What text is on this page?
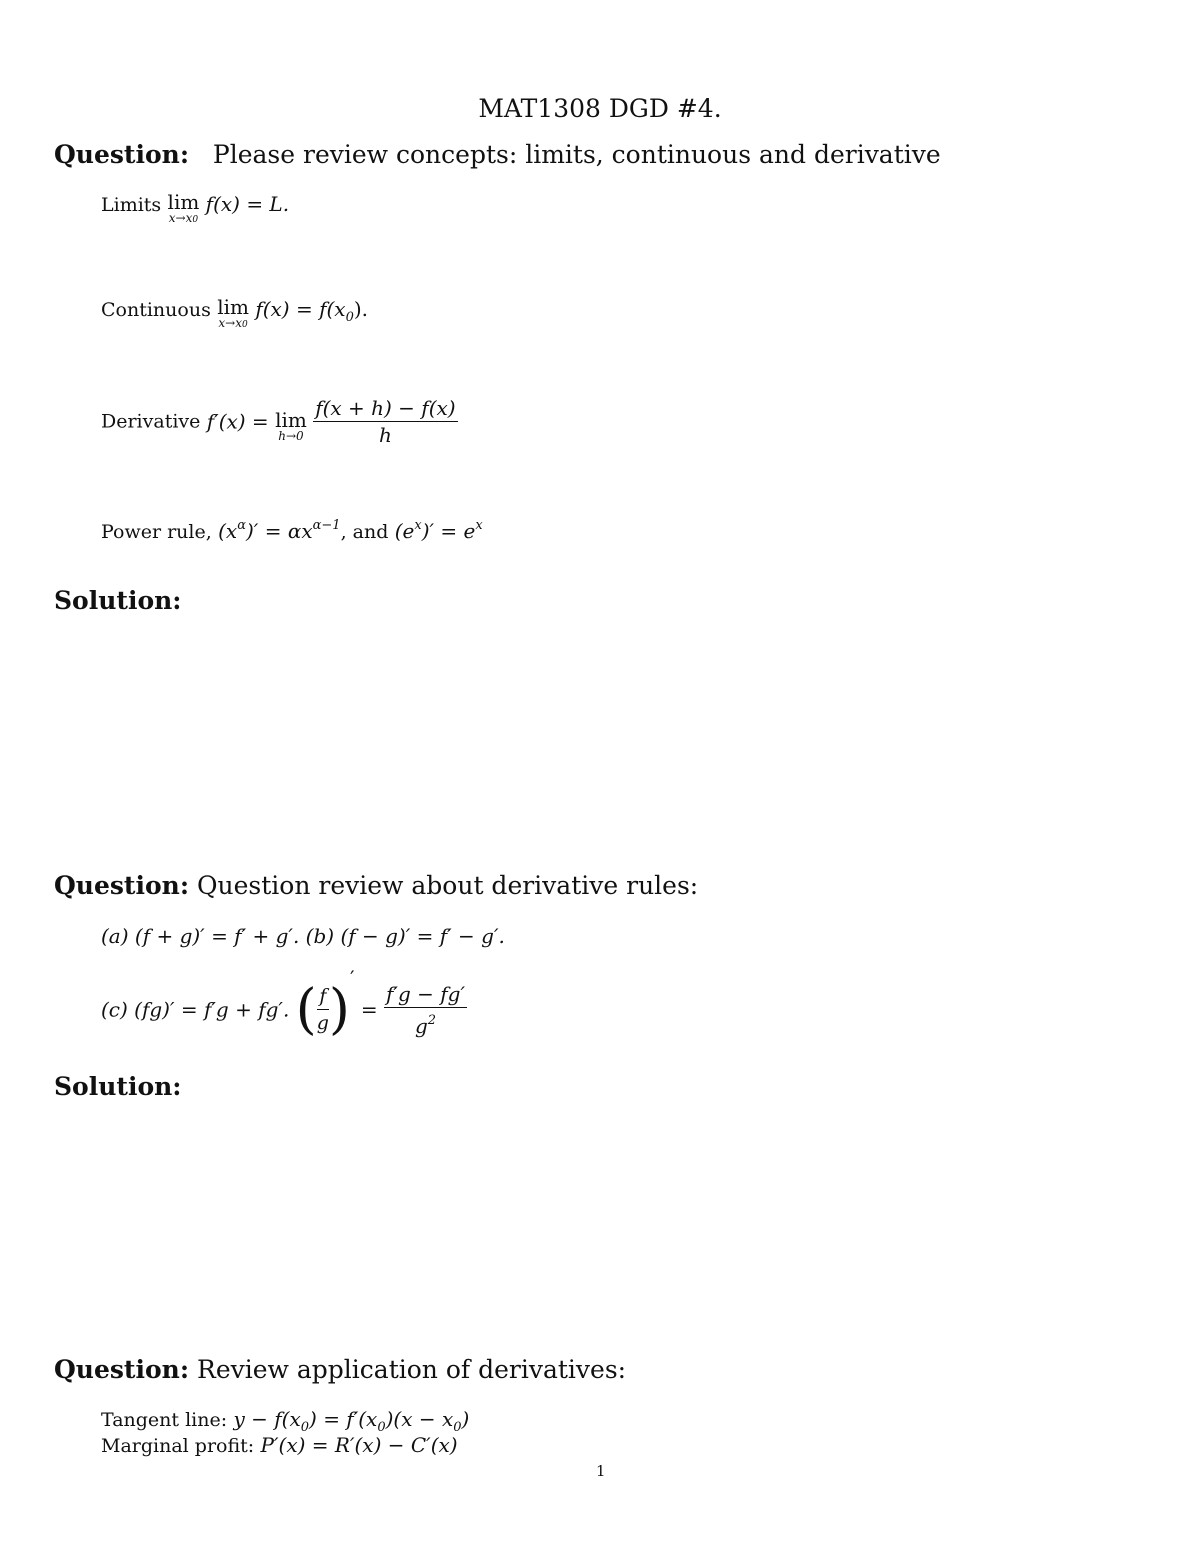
MAT1308 DGD #4.
Question: Please review concepts: limits, continuous and derivative
Limits lim
x→x0
f(x) = L.
Continuous lim
x→x0
$f(x) = f(x_0)$.
Derivative f′(x) = lim
h→0
$\frac{f(x + h) - f(x)}{h}$
Power rule, $(x^\alpha)' = \alpha x^{\alpha-1}$, and $(e^x)' = e^x$
Solution:
Question: Question review about derivative rules:
(a) (f + g)′ = f′ + g′. (b) (f − g)′ = f′ − g′.
(c) (fg)′ = f′g + fg′. ( $\frac{f}{g}$ )′ = $\frac{f'g - fg'}{g^2}$
Solution:
Question: Review application of derivatives:
Tangent line: $y - f(x_0) = f'(x_0)(x - x_0)$
Marginal profit: P′(x) = R′(x) − C′(x)
1
